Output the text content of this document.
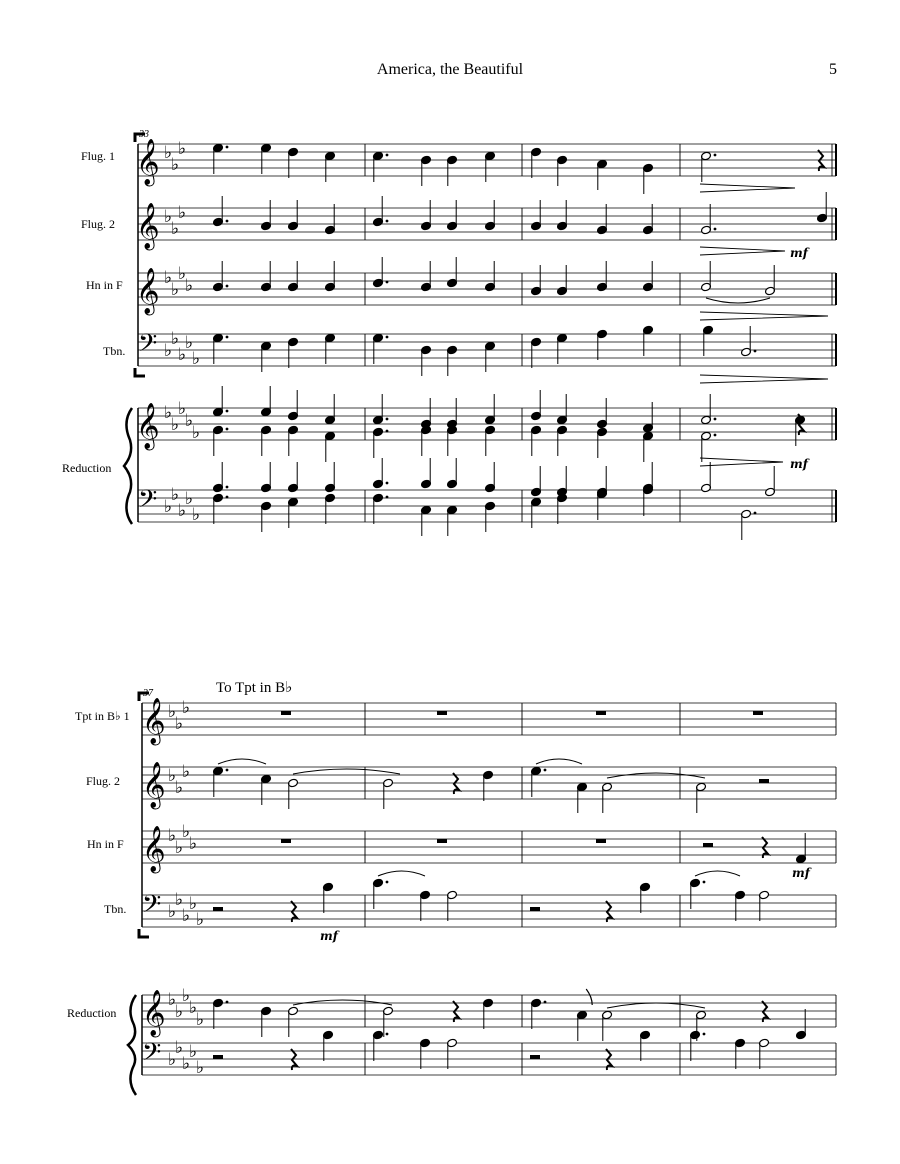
America, the Beautiful	5
33
Flug. 1
Flug. 2
Hn in F
Tbn.
Reduction
mf
mf
37	To Tpt in B♭
Tpt in B♭ 1
Flug. 2
Hn in F
Tbn.
Reduction
mf
mf
𝄞
𝄞
𝄞
𝄢
𝄞
𝄢
♭
♭
♭
♭
♭
♭
♭
♭
♭
♭
♭
♭
♭
♭
♭
♭
♭
♭
♭
♭
♭
♭
♭
♭
♭
𝄞
𝄞
𝄞
𝄢
𝄞
𝄢
♭
♭
♭
♭
♭
♭
♭
♭
♭
♭
♭
♭
♭
♭
♭
♭
♭
♭
♭
♭
♭
♭
♭
♭
♭
